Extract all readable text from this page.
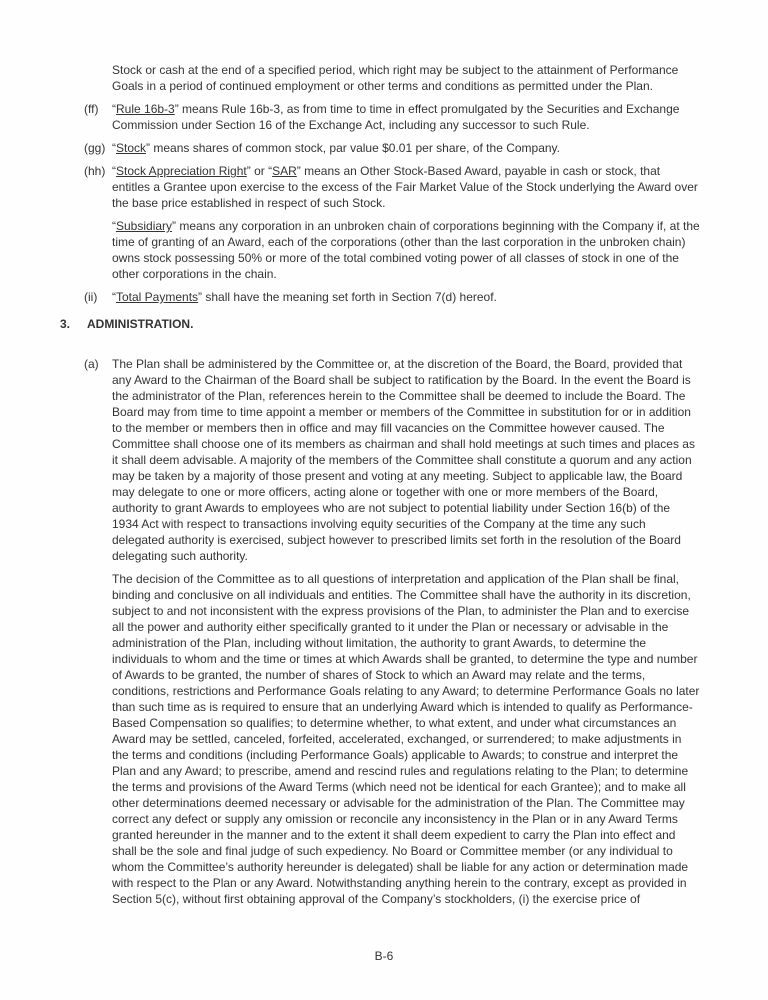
Stock or cash at the end of a specified period, which right may be subject to the attainment of Performance Goals in a period of continued employment or other terms and conditions as permitted under the Plan.

(ff)	“Rule 16b-3” means Rule 16b-3, as from time to time in effect promulgated by the Securities and Exchange Commission under Section 16 of the Exchange Act, including any successor to such Rule.
(gg) “Stock” means shares of common stock, par value $0.01 per share, of the Company.
(hh) “Stock Appreciation Right” or “SAR” means an Other Stock-Based Award, payable in cash or stock, that entitles a Grantee upon exercise to the excess of the Fair Market Value of the Stock underlying the Award over the base price established in respect of such Stock.

“Subsidiary” means any corporation in an unbroken chain of corporations beginning with the Company if, at the time of granting of an Award, each of the corporations (other than the last corporation in the unbroken chain) owns stock possessing 50% or more of the total combined voting power of all classes of stock in one of the other corporations in the chain.

(ii)	“Total Payments” shall have the meaning set forth in Section 7(d) hereof.
3.	ADMINISTRATION.
(a)	The Plan shall be administered by the Committee or, at the discretion of the Board, the Board, provided that any Award to the Chairman of the Board shall be subject to ratification by the Board. In the event the Board is the administrator of the Plan, references herein to the Committee shall be deemed to include the Board. The Board may from time to time appoint a member or members of the Committee in substitution for or in addition to the member or members then in office and may fill vacancies on the Committee however caused. The Committee shall choose one of its members as chairman and shall hold meetings at such times and places as it shall deem advisable. A majority of the members of the Committee shall constitute a quorum and any action may be taken by a majority of those present and voting at any meeting. Subject to applicable law, the Board may delegate to one or more officers, acting alone or together with one or more members of the Board, authority to grant Awards to employees who are not subject to potential liability under Section 16(b) of the 1934 Act with respect to transactions involving equity securities of the Company at the time any such delegated authority is exercised, subject however to prescribed limits set forth in the resolution of the Board delegating such authority.

The decision of the Committee as to all questions of interpretation and application of the Plan shall be final, binding and conclusive on all individuals and entities. The Committee shall have the authority in its discretion, subject to and not inconsistent with the express provisions of the Plan, to administer the Plan and to exercise all the power and authority either specifically granted to it under the Plan or necessary or advisable in the administration of the Plan, including without limitation, the authority to grant Awards, to determine the individuals to whom and the time or times at which Awards shall be granted, to determine the type and number of Awards to be granted, the number of shares of Stock to which an Award may relate and the terms, conditions, restrictions and Performance Goals relating to any Award; to determine Performance Goals no later than such time as is required to ensure that an underlying Award which is intended to qualify as Performance-Based Compensation so qualifies; to determine whether, to what extent, and under what circumstances an Award may be settled, canceled, forfeited, accelerated, exchanged, or surrendered; to make adjustments in the terms and conditions (including Performance Goals) applicable to Awards; to construe and interpret the Plan and any Award; to prescribe, amend and rescind rules and regulations relating to the Plan; to determine the terms and provisions of the Award Terms (which need not be identical for each Grantee); and to make all other determinations deemed necessary or advisable for the administration of the Plan. The Committee may correct any defect or supply any omission or reconcile any inconsistency in the Plan or in any Award Terms granted hereunder in the manner and to the extent it shall deem expedient to carry the Plan into effect and shall be the sole and final judge of such expediency. No Board or Committee member (or any individual to whom the Committee’s authority hereunder is delegated) shall be liable for any action or determination made with respect to the Plan or any Award. Notwithstanding anything herein to the contrary, except as provided in Section 5(c), without first obtaining approval of the Company’s stockholders, (i) the exercise price of

B-6
